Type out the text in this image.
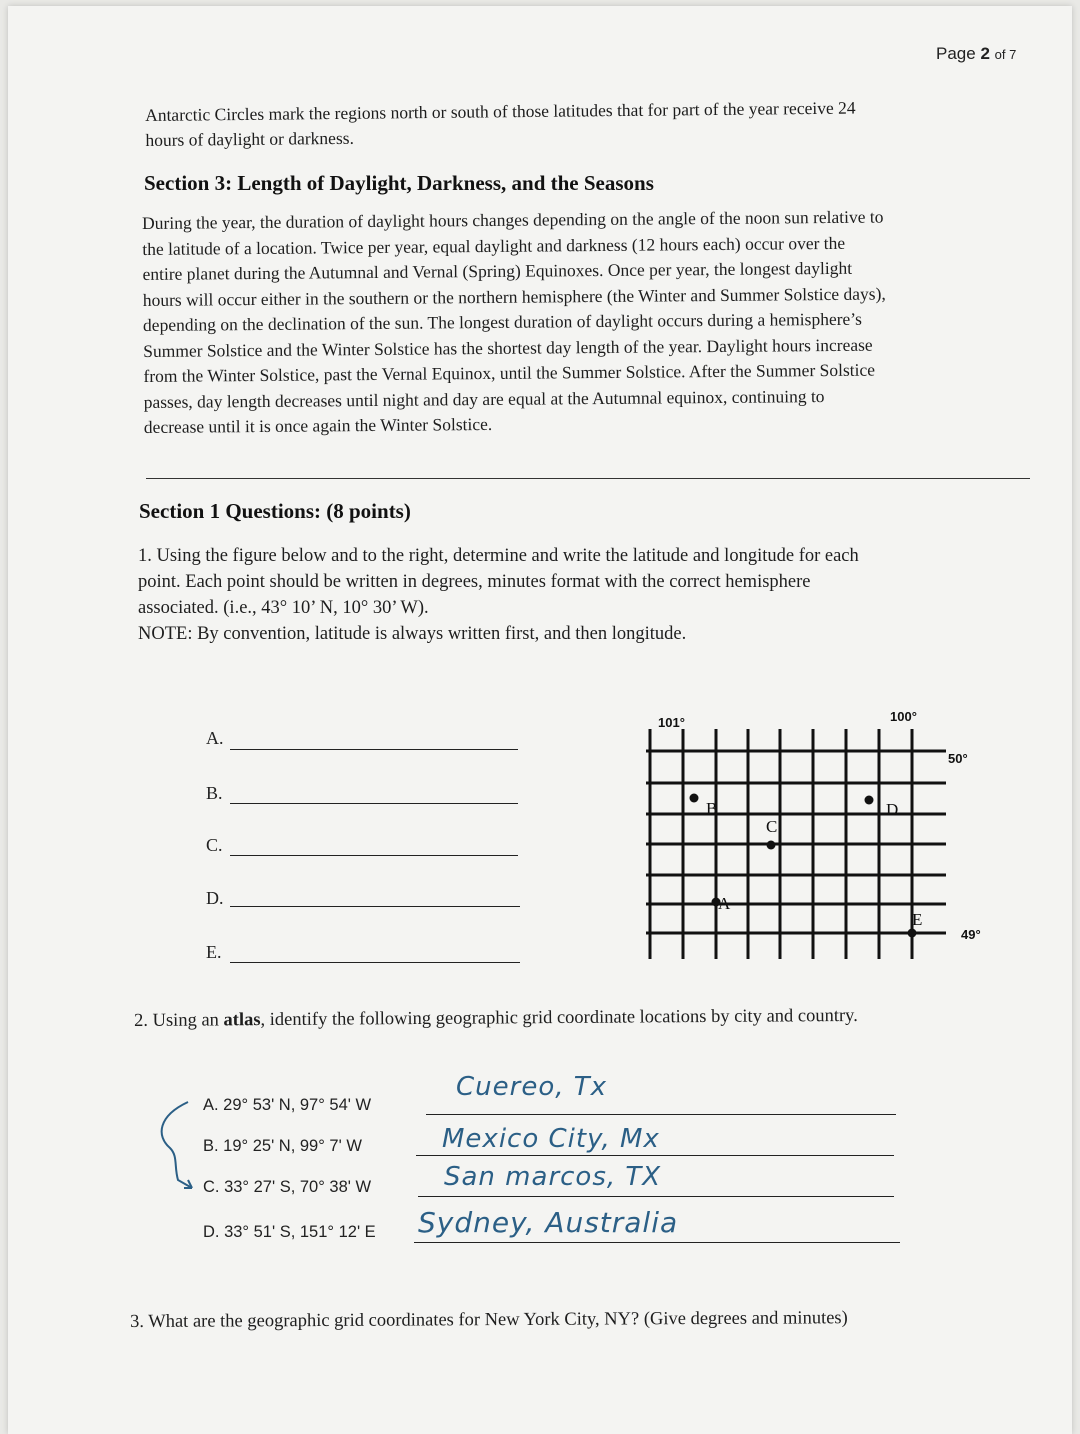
Page 2 of 7
Antarctic Circles mark the regions north or south of those latitudes that for part of the year receive 24
hours of daylight or darkness.
Section 3: Length of Daylight, Darkness, and the Seasons
During the year, the duration of daylight hours changes depending on the angle of the noon sun relative to
the latitude of a location. Twice per year, equal daylight and darkness (12 hours each) occur over the
entire planet during the Autumnal and Vernal (Spring) Equinoxes. Once per year, the longest daylight
hours will occur either in the southern or the northern hemisphere (the Winter and Summer Solstice days),
depending on the declination of the sun. The longest duration of daylight occurs during a hemisphere’s
Summer Solstice and the Winter Solstice has the shortest day length of the year. Daylight hours increase
from the Winter Solstice, past the Vernal Equinox, until the Summer Solstice. After the Summer Solstice
passes, day length decreases until night and day are equal at the Autumnal equinox, continuing to
decrease until it is once again the Winter Solstice.
Section 1 Questions: (8 points)
1. Using the figure below and to the right, determine and write the latitude and longitude for each
point. Each point should be written in degrees, minutes format with the correct hemisphere
associated. (i.e., 43° 10’ N, 10° 30’ W).
NOTE: By convention, latitude is always written first, and then longitude.
A.
B.
C.
D.
E.
101°	100°
50°
49°
B
C
A
D
E
2. Using an atlas, identify the following geographic grid coordinate locations by city and country.
A. 29° 53' N, 97° 54' W
Cuereo, Tx
B. 19° 25' N, 99° 7' W	Mexico City, Mx
C. 33° 27' S, 70° 38' W	San marcos, TX
D. 33° 51' S, 151° 12' E Sydney, Australia
3. What are the geographic grid coordinates for New York City, NY? (Give degrees and minutes)
